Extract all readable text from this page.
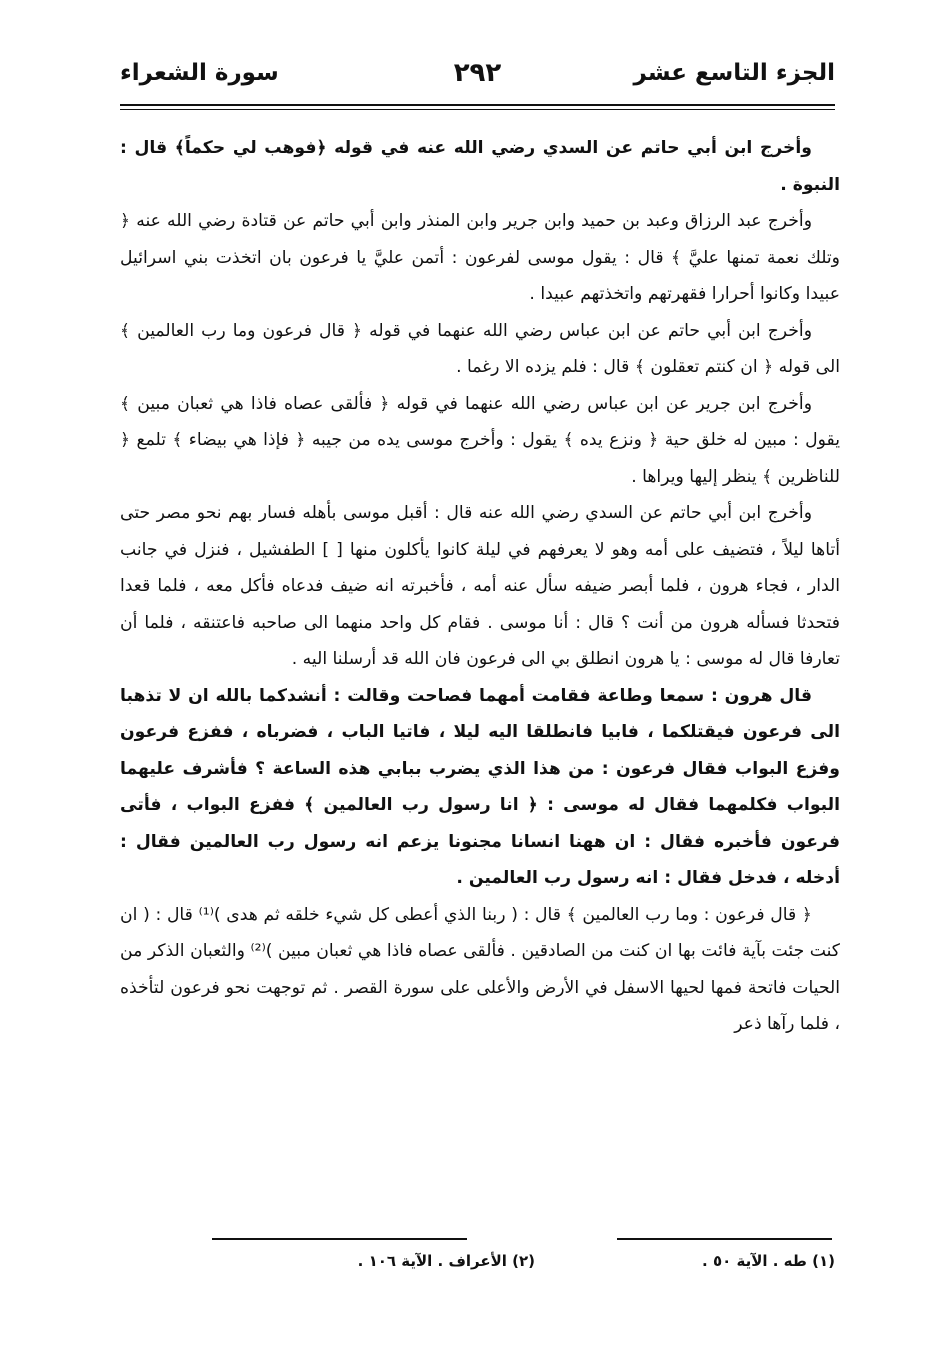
الجزء التاسع عشر
٢٩٢
سورة الشعراء

وأخرج ابن أبي حاتم عن السدي رضي الله عنه في قوله ﴿فوهب لي حكماً﴾ قال : النبوة .

وأخرج عبد الرزاق وعبد بن حميد وابن جرير وابن المنذر وابن أبي حاتم عن قتادة رضي الله عنه ﴿ وتلك نعمة تمنها عليَّ ﴾ قال : يقول موسى لفرعون : أتمن عليَّ يا فرعون بان اتخذت بني اسرائيل عبيدا وكانوا أحرارا فقهرتهم واتخذتهم عبيدا .

وأخرج ابن أبي حاتم عن ابن عباس رضي الله عنهما في قوله ﴿ قال فرعون وما رب العالمين ﴾ الى قوله ﴿ ان كنتم تعقلون ﴾ قال : فلم يزده الا رغما .

وأخرج ابن جرير عن ابن عباس رضي الله عنهما في قوله ﴿ فألقى عصاه فاذا هي ثعبان مبين ﴾ يقول : مبين له خلق حية ﴿ ونزع يده ﴾ يقول : وأخرج موسى يده من جيبه ﴿ فإذا هي بيضاء ﴾ تلمع ﴿ للناظرين ﴾ ينظر إليها ويراها .

وأخرج ابن أبي حاتم عن السدي رضي الله عنه قال : أقبل موسى بأهله فسار بهم نحو مصر حتى أتاها ليلاً ، فتضيف على أمه وهو لا يعرفهم في ليلة كانوا يأكلون منها [ ] الطفشيل ، فنزل في جانب الدار ، فجاء هرون ، فلما أبصر ضيفه سأل عنه أمه ، فأخبرته انه ضيف فدعاه فأكل معه ، فلما قعدا فتحدثا فسأله هرون من أنت ؟ قال : أنا موسى . فقام كل واحد منهما الى صاحبه فاعتنقه ، فلما أن تعارفا قال له موسى : يا هرون انطلق بي الى فرعون فان الله قد أرسلنا اليه .

قال هرون : سمعا وطاعة فقامت أمهما فصاحت وقالت : أنشدكما بالله ان لا تذهبا الى فرعون فيقتلكما ، فابيا فانطلقا اليه ليلا ، فاتيا الباب ، فضرباه ، ففزع فرعون وفزع البواب فقال فرعون : من هذا الذي يضرب ببابي هذه الساعة ؟ فأشرف عليهما البواب فكلمهما فقال له موسى : ﴿ انا رسول رب العالمين ﴾ ففزع البواب ، فأتى فرعون فأخبره فقال : ان ههنا انسانا مجنونا يزعم انه رسول رب العالمين فقال : أدخله ، فدخل فقال : انه رسول رب العالمين .

﴿ قال فرعون : وما رب العالمين ﴾ قال : ( ربنا الذي أعطى كل شيء خلقه ثم هدى )⁽¹⁾ قال : ( ان كنت جئت بآية فائت بها ان كنت من الصادقين . فألقى عصاه فاذا هي ثعبان مبين )⁽²⁾ والثعبان الذكر من الحيات فاتحة فمها لحيها الاسفل في الأرض والأعلى على سورة القصر . ثم توجهت نحو فرعون لتأخذه ، فلما رآها ذعر

(١) طه . الآية ٥٠ .
(٢) الأعراف . الآية ١٠٦ .
